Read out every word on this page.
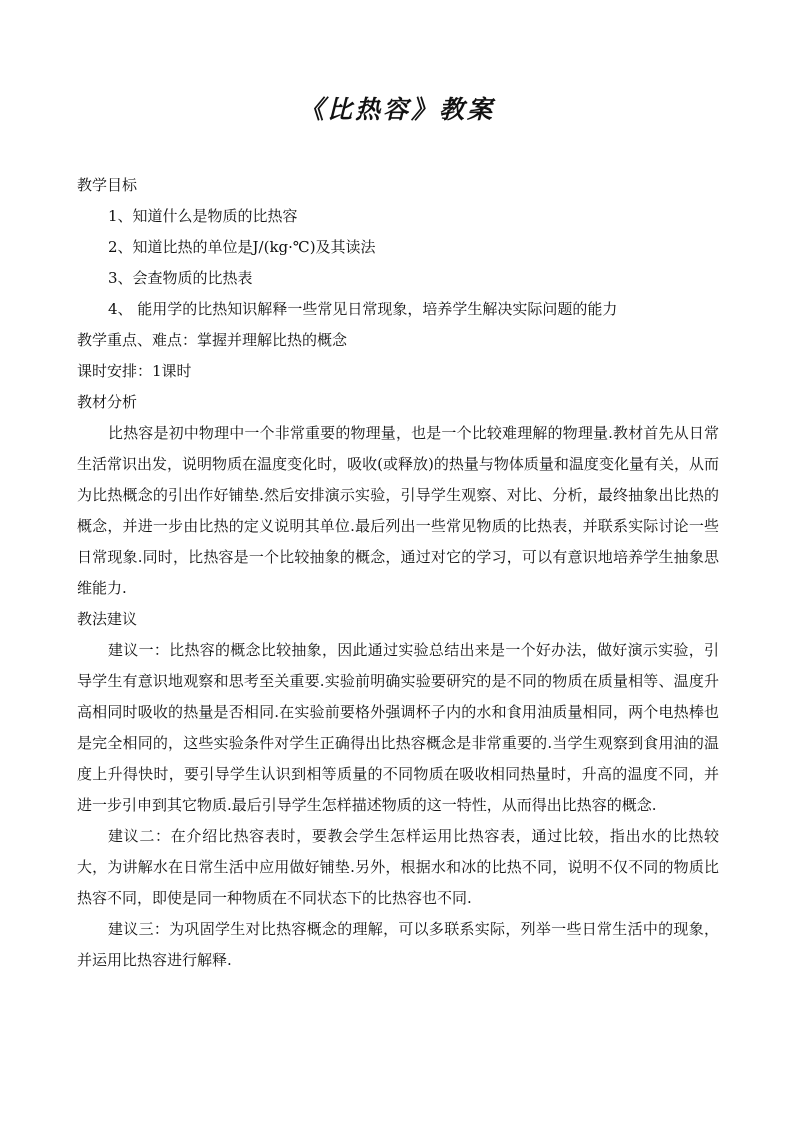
《比热容》教案

教学目标

1、知道什么是物质的比热容

2、知道比热的单位是J/(kg·℃)及其读法

3、会查物质的比热表

4、 能用学的比热知识解释一些常见日常现象，培养学生解决实际问题的能力

教学重点、难点：掌握并理解比热的概念

课时安排：1课时

教材分析

比热容是初中物理中一个非常重要的物理量，也是一个比较难理解的物理量.教材首先从日常生活常识出发，说明物质在温度变化时，吸收(或释放)的热量与物体质量和温度变化量有关，从而为比热概念的引出作好铺垫.然后安排演示实验，引导学生观察、对比、分析，最终抽象出比热的概念，并进一步由比热的定义说明其单位.最后列出一些常见物质的比热表，并联系实际讨论一些日常现象.同时，比热容是一个比较抽象的概念，通过对它的学习，可以有意识地培养学生抽象思维能力.

教法建议

建议一：比热容的概念比较抽象，因此通过实验总结出来是一个好办法，做好演示实验，引导学生有意识地观察和思考至关重要.实验前明确实验要研究的是不同的物质在质量相等、温度升高相同时吸收的热量是否相同.在实验前要格外强调杯子内的水和食用油质量相同，两个电热棒也是完全相同的，这些实验条件对学生正确得出比热容概念是非常重要的.当学生观察到食用油的温度上升得快时，要引导学生认识到相等质量的不同物质在吸收相同热量时，升高的温度不同，并进一步引申到其它物质.最后引导学生怎样描述物质的这一特性，从而得出比热容的概念.

建议二：在介绍比热容表时，要教会学生怎样运用比热容表，通过比较，指出水的比热较大，为讲解水在日常生活中应用做好铺垫.另外，根据水和冰的比热不同，说明不仅不同的物质比热容不同，即使是同一种物质在不同状态下的比热容也不同.

建议三：为巩固学生对比热容概念的理解，可以多联系实际，列举一些日常生活中的现象，并运用比热容进行解释.
